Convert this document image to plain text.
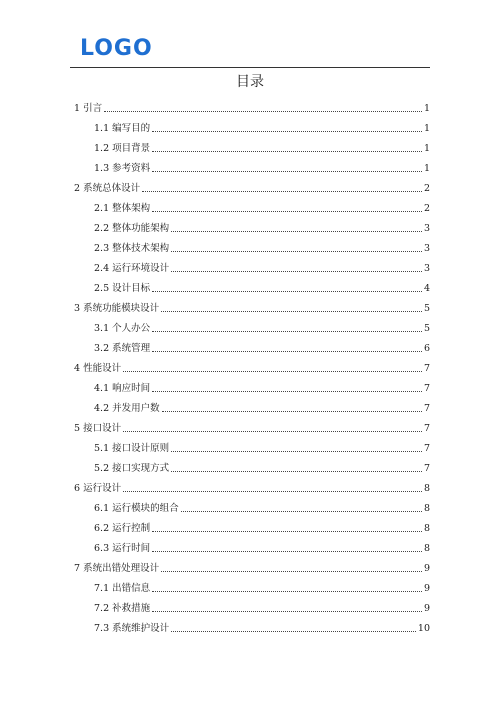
LOGO
目录
1 引言	1
1.1 编写目的	1
1.2 项目背景	1
1.3 参考资料	1
2 系统总体设计	2
2.1 整体架构	2
2.2 整体功能架构	3
2.3 整体技术架构	3
2.4 运行环境设计	3
2.5 设计目标	4
3 系统功能模块设计	5
3.1 个人办公	5
3.2 系统管理	6
4 性能设计	7
4.1 响应时间	7
4.2 并发用户数	7
5 接口设计	7
5.1 接口设计原则	7
5.2 接口实现方式	7
6 运行设计	8
6.1 运行模块的组合	8
6.2 运行控制	8
6.3 运行时间	8
7 系统出错处理设计	9
7.1 出错信息	9
7.2 补救措施	9
7.3 系统维护设计	10
